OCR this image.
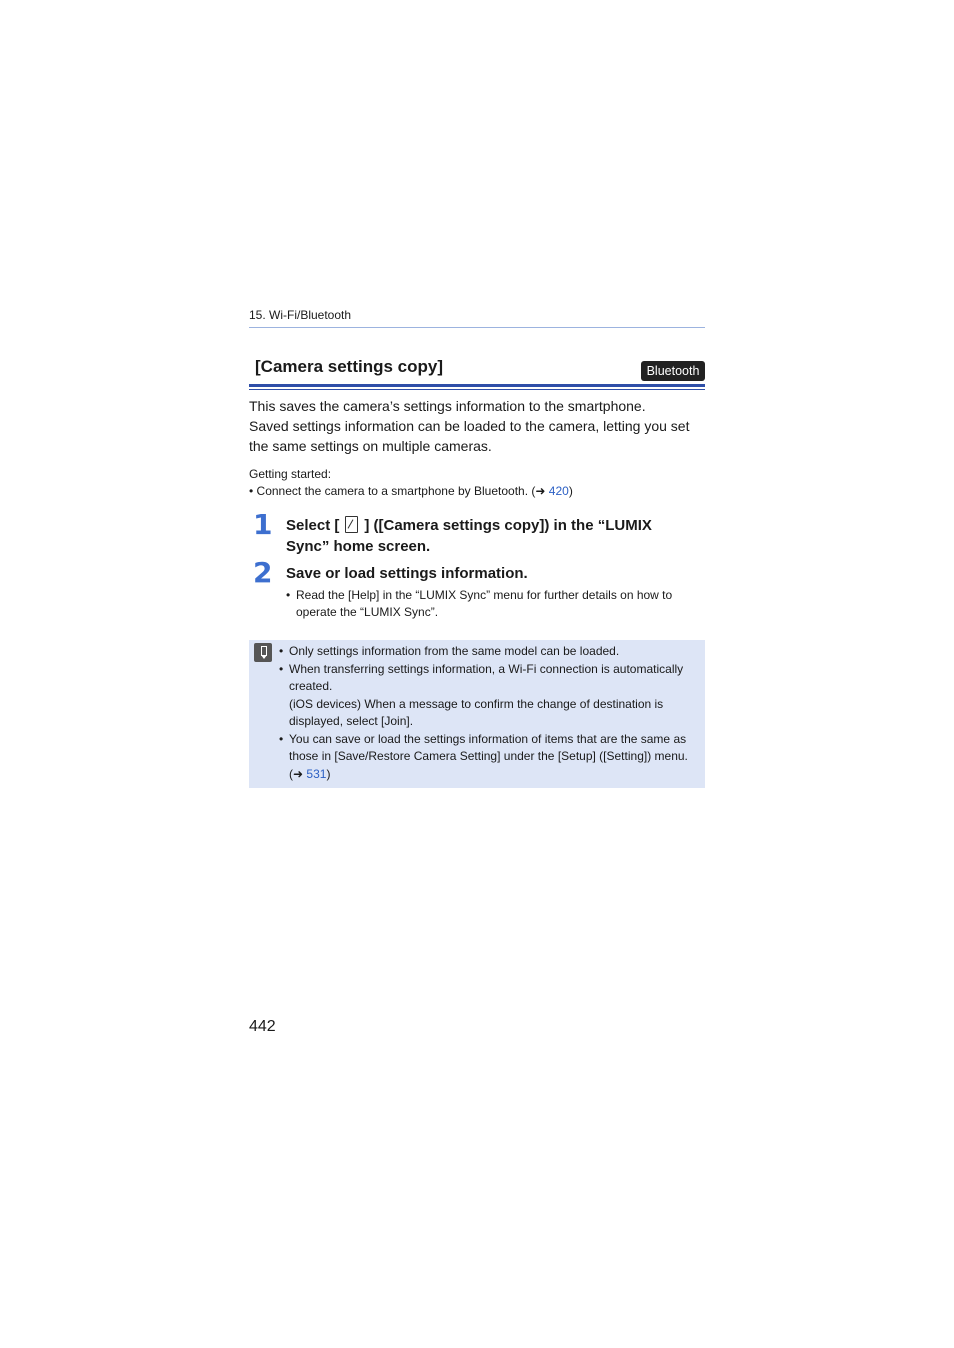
15. Wi-Fi/Bluetooth
[Camera settings copy]	Bluetooth

This saves the camera’s settings information to the smartphone.

Saved settings information can be loaded to the camera, letting you set the same settings on multiple cameras.

Getting started:
• Connect the camera to a smartphone by Bluetooth. (➜ 420)
1 Select [ ] ([Camera settings copy]) in the “LUMIX Sync” home screen.
2 Save or load settings information.
• Read the [Help] in the “LUMIX Sync” menu for further details on how to operate the “LUMIX Sync”.
• Only settings information from the same model can be loaded.
• When transferring settings information, a Wi-Fi connection is automatically created.
(iOS devices) When a message to confirm the change of destination is displayed, select [Join].
• You can save or load the settings information of items that are the same as those in [Save/Restore Camera Setting] under the [Setup] ([Setting]) menu. (➜ 531)
442
